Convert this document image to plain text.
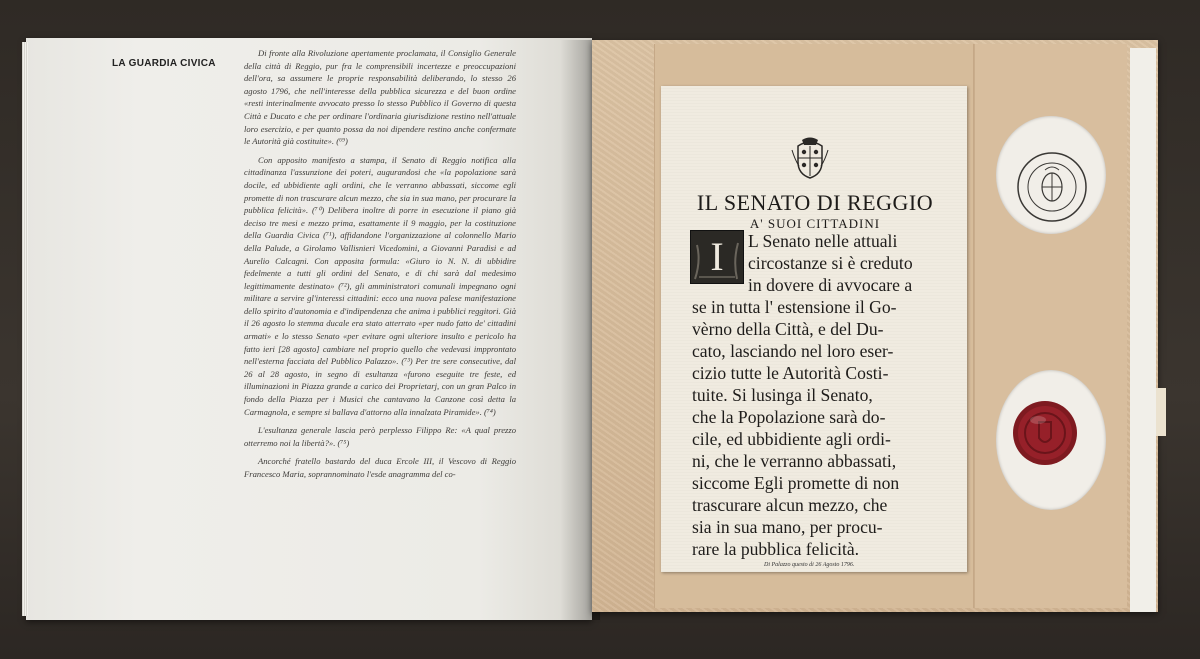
LA GUARDIA CIVICA

Di fronte alla Rivoluzione apertamente proclamata, il Consiglio Generale della città di Reggio, pur fra le comprensibili incertezze e preoccupazioni dell'ora, sa assumere le proprie responsabilità deliberando, lo stesso 26 agosto 1796, che nell'interesse della pubblica sicurezza e del buon ordine «resti interinalmente avvocato presso lo stesso Pubblico il Governo di questa Città e Ducato e che per ordinare l'ordinaria giurisdizione restino nell'attuale loro esercizio, e per quanto possa da noi dipendere restino anche confermate le Autorità già costituite». (⁶⁹)

Con apposito manifesto a stampa, il Senato di Reggio notifica alla cittadinanza l'assunzione dei poteri, augurandosi che «la popolazione sarà docile, ed ubbidiente agli ordini, che le verranno abbassati, siccome egli promette di non trascurare alcun mezzo, che sia in sua mano, per procurare la pubblica felicità». (⁷⁰) Delibera inoltre di porre in esecuzione il piano già deciso tre mesi e mezzo prima, esattamente il 9 maggio, per la costituzione della Guardia Civica (⁷¹), affidandone l'organizzazione al colonnello Mario della Palude, a Girolamo Vallisnieri Vicedomini, a Giovanni Paradisi e ad Aurelio Calcagni. Con apposita formula: «Giuro io N. N. di ubbidire fedelmente a tutti gli ordini del Senato, e di chi sarà dal medesimo legittimamente destinato» (⁷²), gli amministratori comunali impegnano ogni militare a servire gl'interessi cittadini: ecco una nuova palese manifestazione dello spirito d'autonomia e d'indipendenza che anima i pubblici reggitori. Già il 26 agosto lo stemma ducale era stato atterrato «per nudo fatto de' cittadini armati» e lo stesso Senato «per evitare ogni ulteriore insulto e pericolo ha fatto ieri [28 agosto] cambiare nel proprio quello che vedevasi impprontato nell'esterna facciata del Pubblico Palazzo». (⁷³) Per tre sere consecutive, dal 26 al 28 agosto, in segno di esultanza «furono eseguite tre feste, ed illuminazioni in Piazza grande a carico dei Proprietarj, con un gran Palco in fondo della Piazza per i Musici che cantavano la Canzone così detta la Carmagnola, e sempre si ballava d'attorno alla innalzata Piramide». (⁷⁴)

L'esultanza generale lascia però perplesso Filippo Re: «A qual prezzo otterremo noi la libertà?». (⁷⁵)

Ancorché fratello bastardo del duca Ercole III, il Vescovo di Reggio Francesco Maria, soprannominato l'esde anagramma del co-

IL SENATO DI REGGIO
A' SUOI CITTADINI
I	L Senato nelle attuali
circostanze si è creduto
in dovere di avvocare a
se in tutta l' estensione il Go-
vèrno della Città, e del Du-
cato, lasciando nel loro eser-
cizio tutte le Autorità Costi-
tuite. Si lusinga il Senato,
che la Popolazione sarà do-
cile, ed ubbidiente agli ordi-
ni, che le verranno abbassati,
siccome Egli promette di non
trascurare alcun mezzo, che
sia in sua mano, per procu-
rare la pubblica felicità.
Di Palazzo questo di 26 Agosto 1796.
